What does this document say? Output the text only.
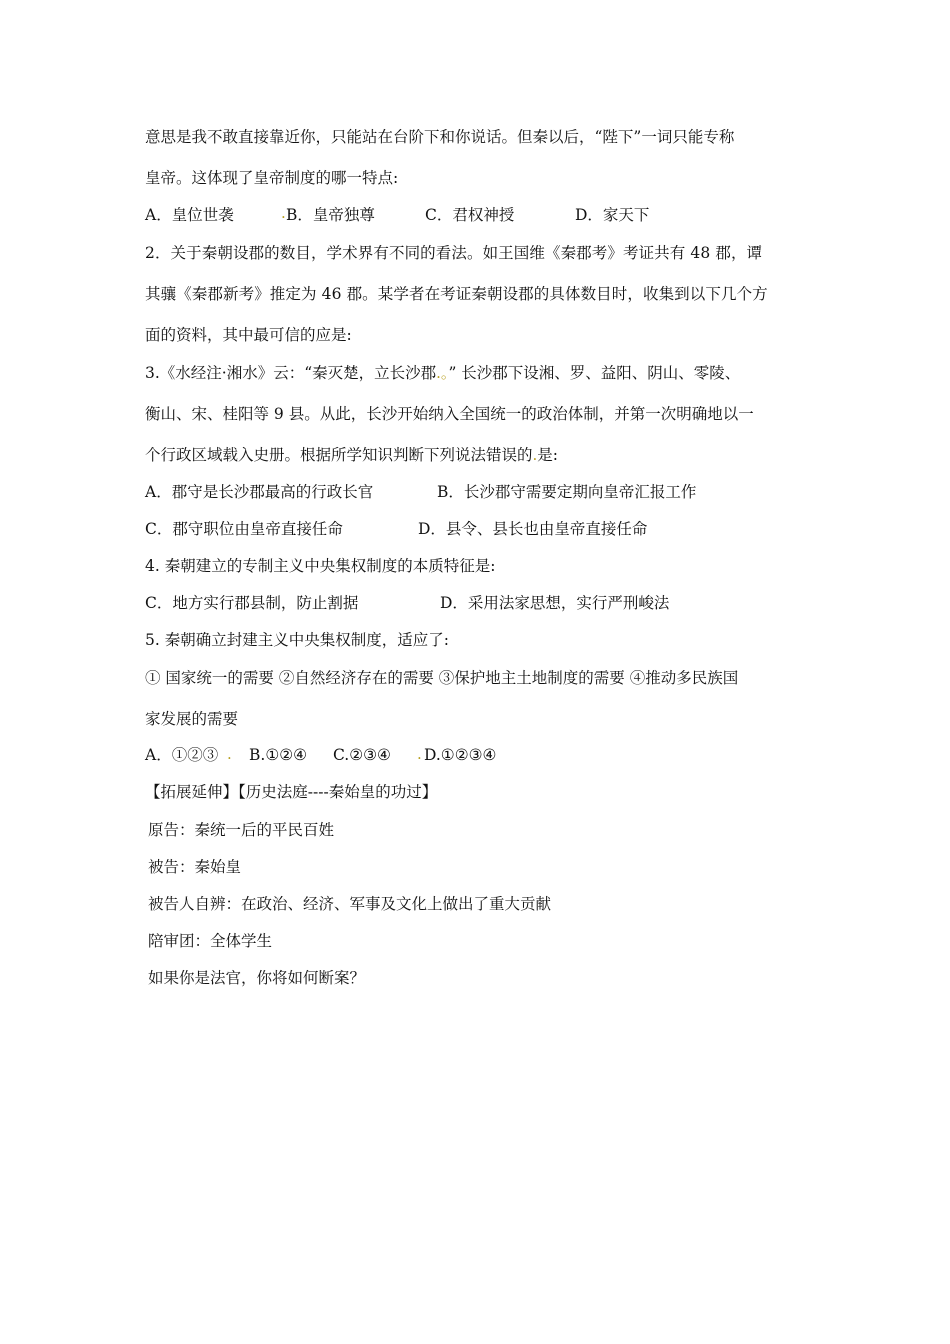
意思是我不敢直接靠近你，只能站在台阶下和你说话。但秦以后，“陛下”一词只能专称
皇帝。这体现了皇帝制度的哪一特点:
A．皇位世袭	. B．皇帝独尊	C．君权神授	D．家天下
2．关于秦朝设郡的数目，学术界有不同的看法。如王国维《秦郡考》考证共有 48 郡，谭
其骧《秦郡新考》推定为 46 郡。某学者在考证秦朝设郡的具体数目时，收集到以下几个方
面的资料，其中最可信的应是:
3.《水经注·湘水》云：“秦灭楚，立长沙郡.。” 长沙郡下设湘、罗、益阳、阴山、零陵、
衡山、宋、桂阳等 9 县。从此，长沙开始纳入全国统一的政治体制，并第一次明确地以一
个行政区域载入史册。根据所学知识判断下列说法错误的.是:
A．郡守是长沙郡最高的行政长官	B．长沙郡守需要定期向皇帝汇报工作
C．郡守职位由皇帝直接任命	D．县令、县长也由皇帝直接任命
4. 秦朝建立的专制主义中央集权制度的本质特征是:
C．地方实行郡县制，防止割据	D．采用法家思想，实行严刑峻法
5. 秦朝确立封建主义中央集权制度，适应了:
① 国家统一的需要 ②自然经济存在的需要 ③保护地主土地制度的需要 ④推动多民族国
家发展的需要
A．①②③ . B.①②④ C.②③④ . D.①②③④
【拓展延伸】【历史法庭----秦始皇的功过】
原告：秦统一后的平民百姓
被告：秦始皇
被告人自辨：在政治、经济、军事及文化上做出了重大贡献
陪审团：全体学生
如果你是法官，你将如何断案？
